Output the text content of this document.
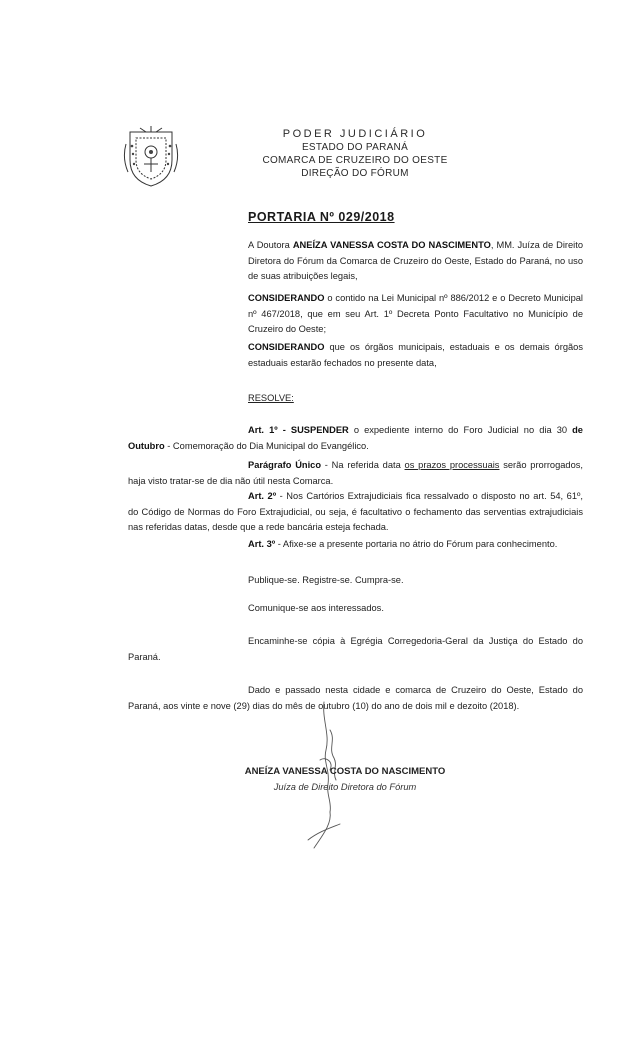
PODER JUDICIÁRIO
ESTADO DO PARANÁ
COMARCA DE CRUZEIRO DO OESTE
DIREÇÃO DO FÓRUM
PORTARIA Nº 029/2018
A Doutora ANEÍZA VANESSA COSTA DO NASCIMENTO, MM. Juíza de Direito Diretora do Fórum da Comarca de Cruzeiro do Oeste, Estado do Paraná, no uso de suas atribuições legais,
CONSIDERANDO o contido na Lei Municipal nº 886/2012 e o Decreto Municipal nº 467/2018, que em seu Art. 1º Decreta Ponto Facultativo no Município de Cruzeiro do Oeste;
CONSIDERANDO que os órgãos municipais, estaduais e os demais órgãos estaduais estarão fechados no presente data,
RESOLVE:
Art. 1º - SUSPENDER o expediente interno do Foro Judicial no dia 30 de Outubro - Comemoração do Dia Municipal do Evangélico.
Parágrafo Único - Na referida data os prazos processuais serão prorrogados, haja visto tratar-se de dia não útil nesta Comarca.
Art. 2º - Nos Cartórios Extrajudiciais fica ressalvado o disposto no art. 54, 61º, do Código de Normas do Foro Extrajudicial, ou seja, é facultativo o fechamento das serventias extrajudiciais nas referidas datas, desde que a rede bancária esteja fechada.
Art. 3º - Afixe-se a presente portaria no átrio do Fórum para conhecimento.
Publique-se. Registre-se. Cumpra-se.
Comunique-se aos interessados.
Encaminhe-se cópia à Egrégia Corregedoria-Geral da Justiça do Estado do Paraná.
Dado e passado nesta cidade e comarca de Cruzeiro do Oeste, Estado do Paraná, aos vinte e nove (29) dias do mês de outubro (10) do ano de dois mil e dezoito (2018).
ANEÍZA VANESSA COSTA DO NASCIMENTO
Juíza de Direito Diretora do Fórum
